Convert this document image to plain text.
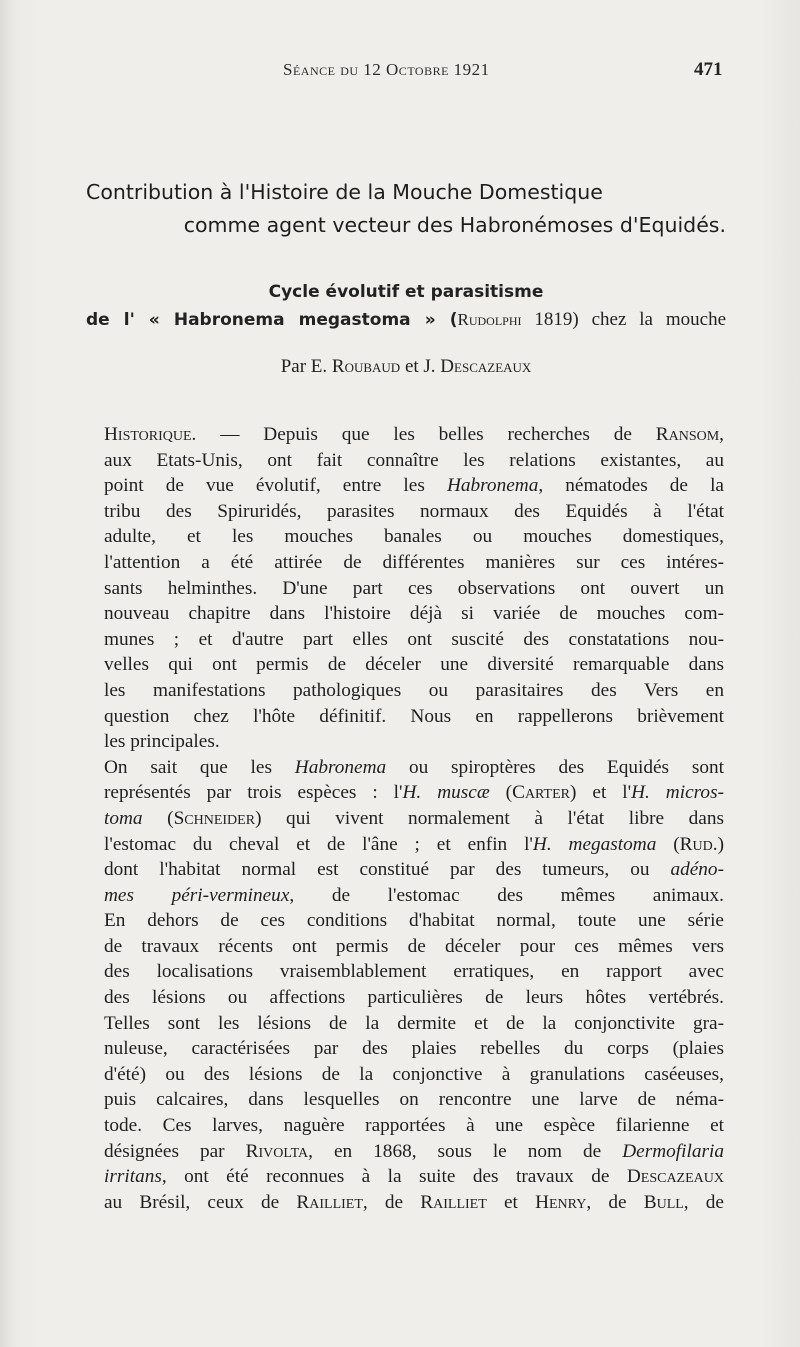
Séance du 12 Octobre 1921	471
Contribution à l'Histoire de la Mouche Domestique
comme agent vecteur des Habronémoses d'Equidés.
Cycle évolutif et parasitisme
de l' « Habronema megastoma » (Rudolphi 1819) chez la mouche
Par E. Roubaud et J. Descazeaux

Historique. — Depuis que les belles recherches de Ransom,
aux Etats-Unis, ont fait connaître les relations existantes, au
point de vue évolutif, entre les Habronema, nématodes de la
tribu des Spiruridés, parasites normaux des Equidés à l'état
adulte, et les mouches banales ou mouches domestiques,
l'attention a été attirée de différentes manières sur ces intéres-
sants helminthes. D'une part ces observations ont ouvert un
nouveau chapitre dans l'histoire déjà si variée de mouches com-
munes ; et d'autre part elles ont suscité des constatations nou-
velles qui ont permis de déceler une diversité remarquable dans
les manifestations pathologiques ou parasitaires des Vers en
question chez l'hôte définitif. Nous en rappellerons brièvement
les principales.

On sait que les Habronema ou spiroptères des Equidés sont
représentés par trois espèces : l'H. muscæ (Carter) et l'H. micros-
toma (Schneider) qui vivent normalement à l'état libre dans
l'estomac du cheval et de l'âne ; et enfin l'H. megastoma (Rud.)
dont l'habitat normal est constitué par des tumeurs, ou adéno-
mes péri-vermineux, de l'estomac des mêmes animaux.

En dehors de ces conditions d'habitat normal, toute une série
de travaux récents ont permis de déceler pour ces mêmes vers
des localisations vraisemblablement erratiques, en rapport avec
des lésions ou affections particulières de leurs hôtes vertébrés.
Telles sont les lésions de la dermite et de la conjonctivite gra-
nuleuse, caractérisées par des plaies rebelles du corps (plaies
d'été) ou des lésions de la conjonctive à granulations caséeuses,
puis calcaires, dans lesquelles on rencontre une larve de néma-
tode. Ces larves, naguère rapportées à une espèce filarienne et
désignées par Rivolta, en 1868, sous le nom de Dermofilaria
irritans, ont été reconnues à la suite des travaux de Descazeaux
au Brésil, ceux de Railliet, de Railliet et Henry, de Bull, de
